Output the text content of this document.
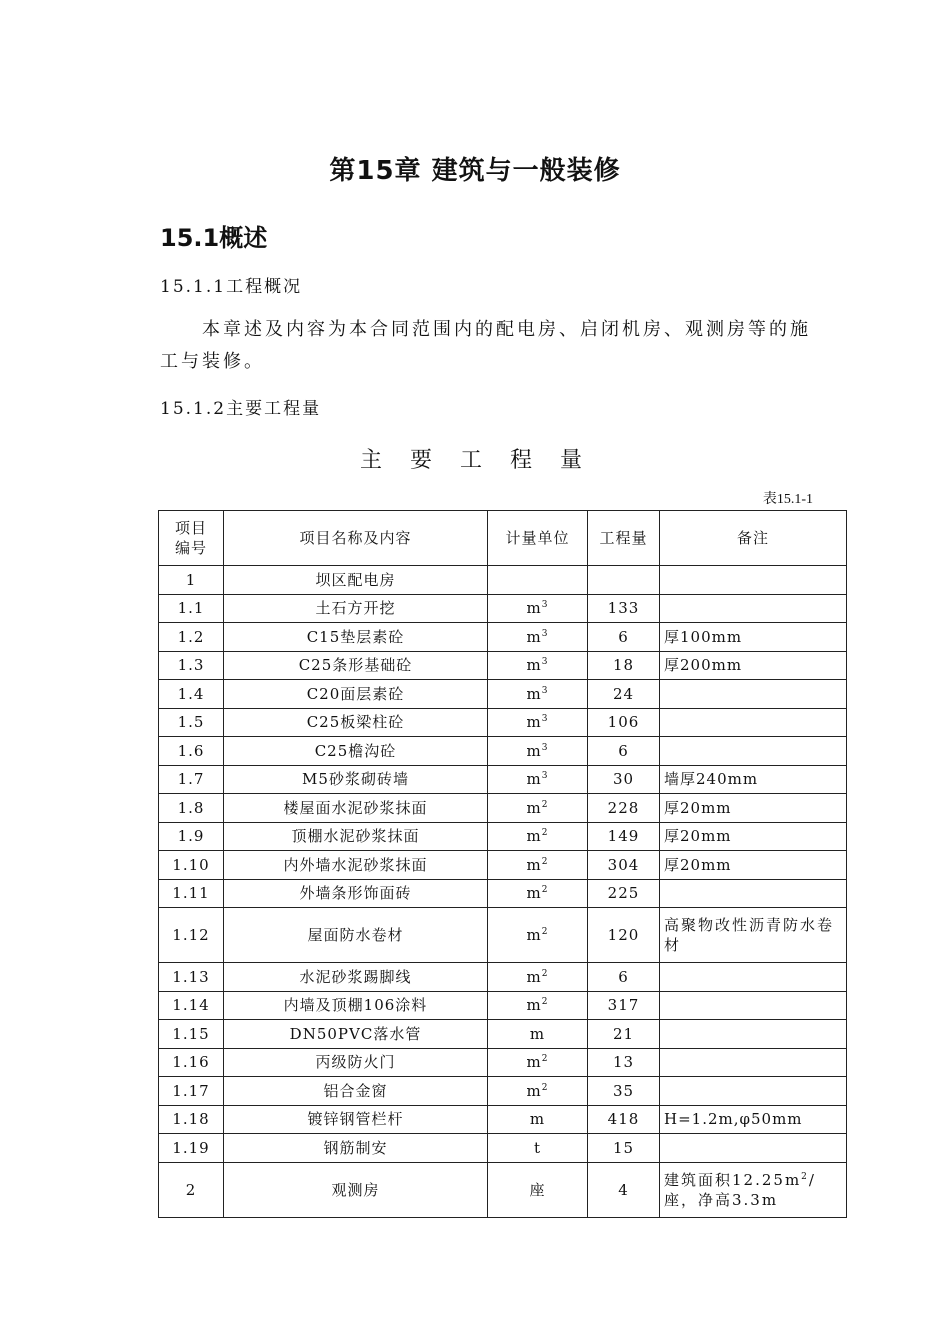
第15章 建筑与一般装修
15.1概述
15.1.1工程概况

本章述及内容为本合同范围内的配电房、启闭机房、观测房等的施工与装修。

15.1.2主要工程量
主要工程量
表15.1-1
项目编号	项目名称及内容	计量单位	工程量	备注
1	坝区配电房			
1.1	土石方开挖	$m^3$	133	
1.2	C15垫层素砼	$m^3$	6	厚100mm
1.3	C25条形基础砼	$m^3$	18	厚200mm
1.4	C20面层素砼	$m^3$	24	
1.5	C25板梁柱砼	$m^3$	106	
1.6	C25檐沟砼	$m^3$	6	
1.7	M5砂浆砌砖墙	$m^3$	30	墙厚240mm
1.8	楼屋面水泥砂浆抹面	$m^2$	228	厚20mm
1.9	顶棚水泥砂浆抹面	$m^2$	149	厚20mm
1.10	内外墙水泥砂浆抹面	$m^2$	304	厚20mm
1.11	外墙条形饰面砖	$m^2$	225	
1.12	屋面防水卷材	$m^2$	120	高聚物改性沥青防水卷材
1.13	水泥砂浆踢脚线	$m^2$	6	
1.14	内墙及顶棚106涂料	$m^2$	317	
1.15	DN50PVC落水管	m	21	
1.16	丙级防火门	$m^2$	13	
1.17	铝合金窗	$m^2$	35	
1.18	镀锌钢管栏杆	m	418	H=1.2m,φ50mm
1.19	钢筋制安	t	15	
2	观测房	座	4	建筑面积$12.25m^2/$座，净高3.3m
